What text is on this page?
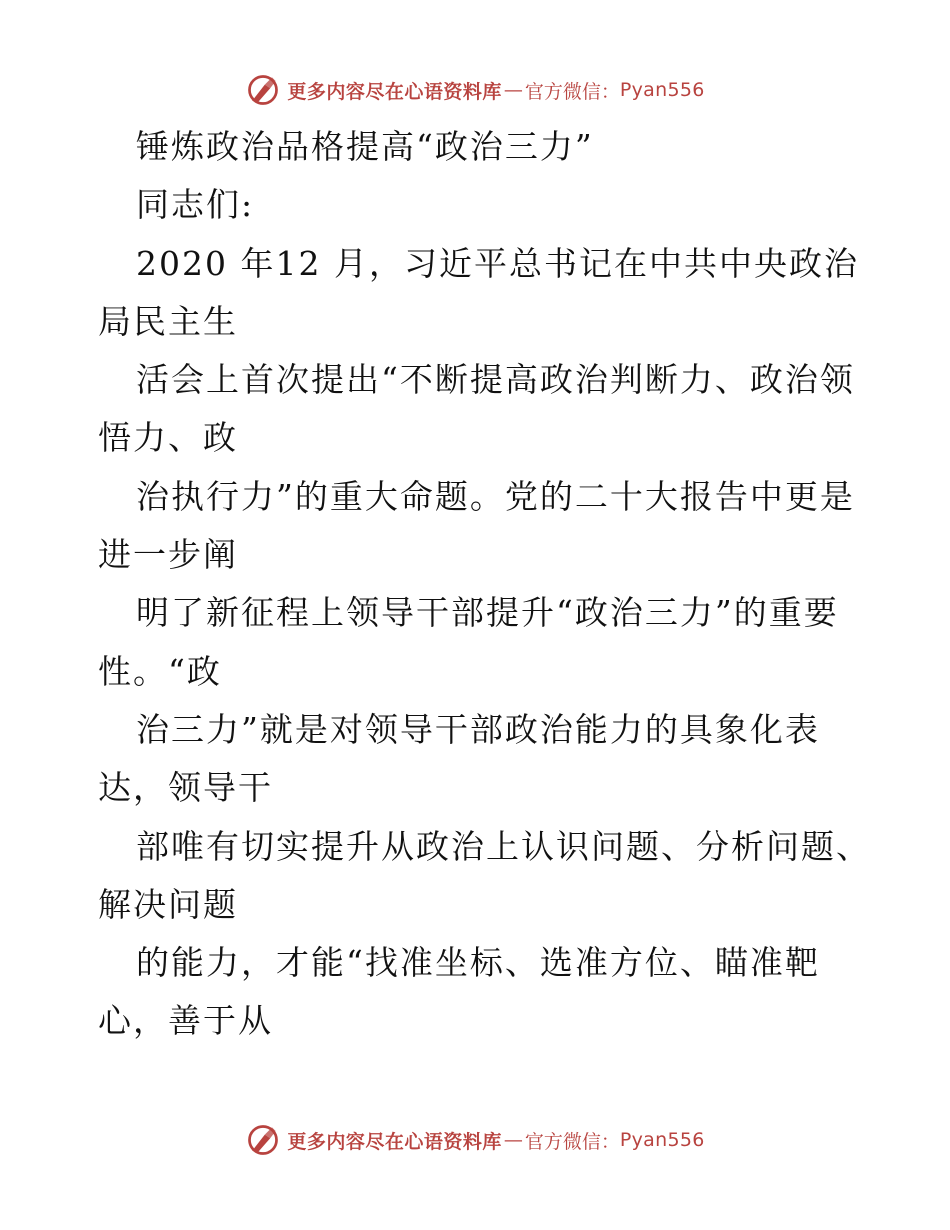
更多内容尽在心语资料库 — 官方微信： Pyan556
锤炼政治品格提高“政治三力”
同志们:
2020 年12 月，习近平总书记在中共中央政治
局民主生
活会上首次提出“不断提高政治判断力、政治领
悟力、政
治执行力”的重大命题。党的二十大报告中更是
进一步阐
明了新征程上领导干部提升“政治三力”的重要
性。“政
治三力”就是对领导干部政治能力的具象化表
达，领导干
部唯有切实提升从政治上认识问题、分析问题、
解决问题
的能力，才能“找准坐标、选准方位、瞄准靶
心，善于从
更多内容尽在心语资料库 — 官方微信： Pyan556
